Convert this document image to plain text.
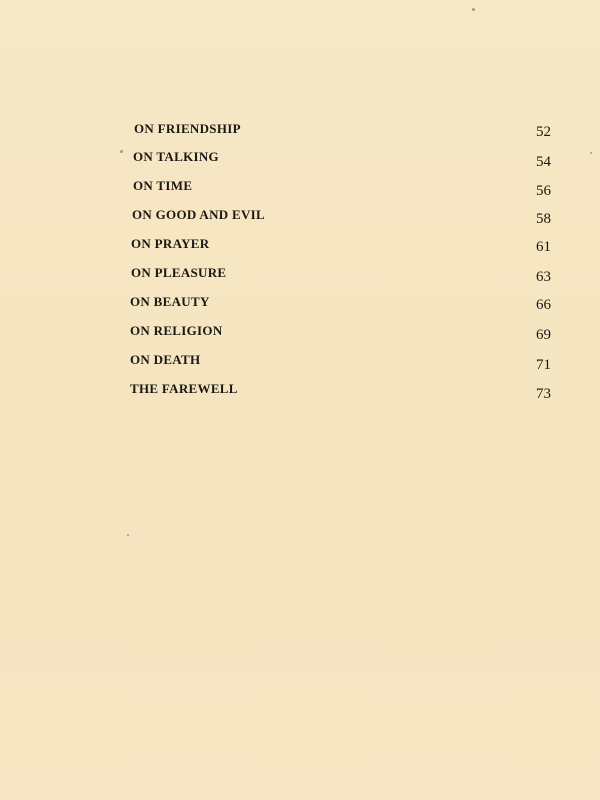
ON FRIENDSHIP	52
ON TALKING	54
ON TIME	56
ON GOOD AND EVIL	58
ON PRAYER	61
ON PLEASURE	63
ON BEAUTY	66
ON RELIGION	69
ON DEATH	71
THE FAREWELL	73
